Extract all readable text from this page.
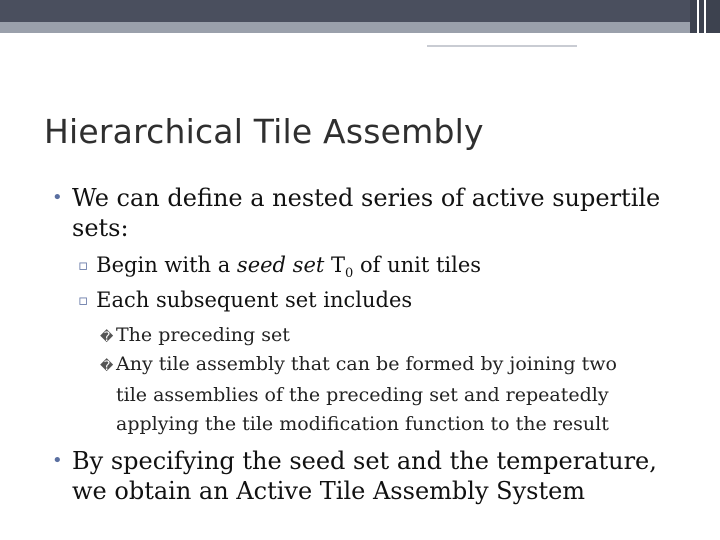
Hierarchical Tile Assembly
• We can define a nested series of active supertile sets:
▫ Begin with a seed set $T_0$ of unit tiles
▫ Each subsequent set includes
� The preceding set
� Any tile assembly that can be formed by joining two
tile assemblies of the preceding set and repeatedly applying the tile modification function to the result
• By specifying the seed set and the temperature, we obtain an Active Tile Assembly System
